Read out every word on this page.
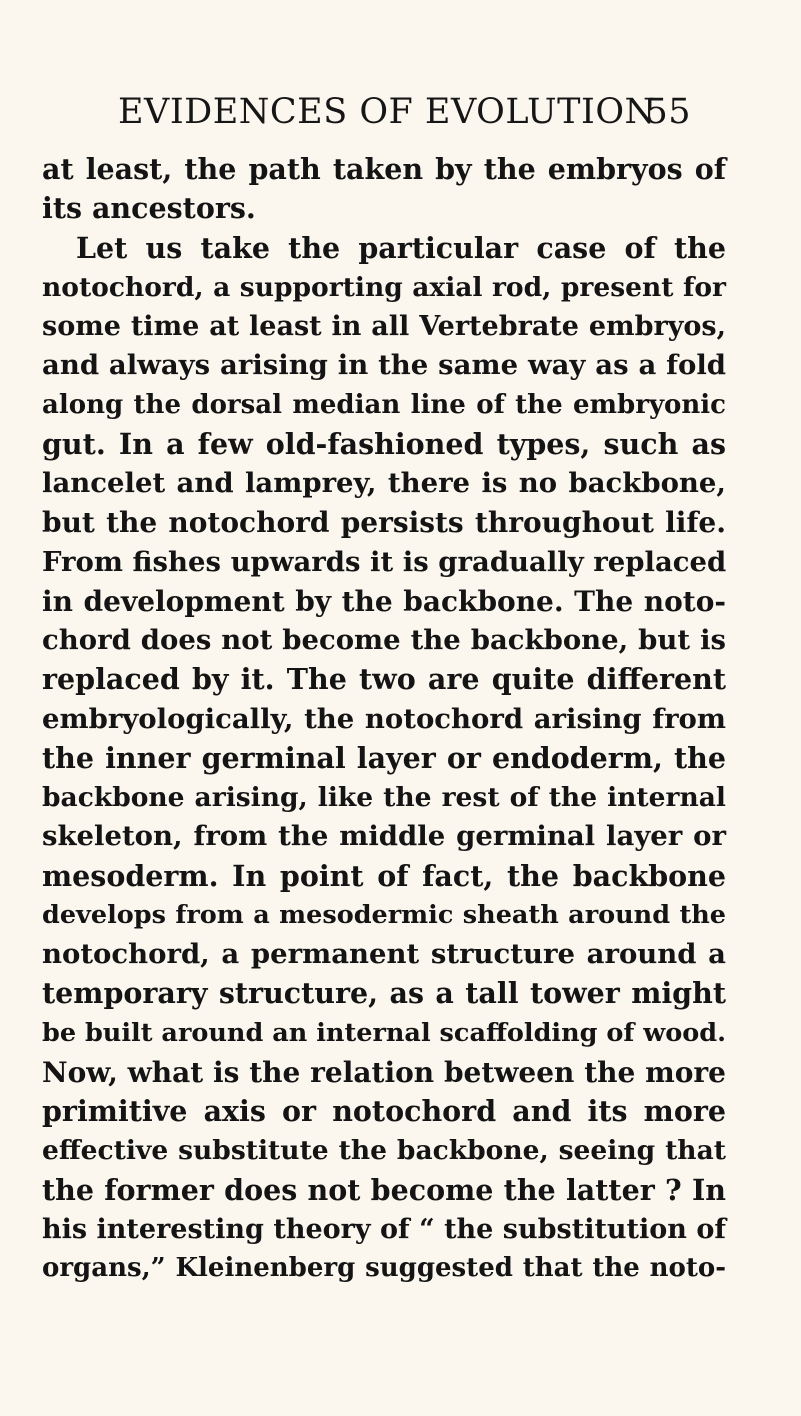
EVIDENCES OF EVOLUTION
55
at least, the path taken by the embryos of
its ancestors.
Let us take the particular case of the
notochord, a supporting axial rod, present for
some time at least in all Vertebrate embryos,
and always arising in the same way as a fold
along the dorsal median line of the embryonic
gut. In a few old-fashioned types, such as
lancelet and lamprey, there is no backbone,
but the notochord persists throughout life.
From fishes upwards it is gradually replaced
in development by the backbone. The noto-
chord does not become the backbone, but is
replaced by it. The two are quite different
embryologically, the notochord arising from
the inner germinal layer or endoderm, the
backbone arising, like the rest of the internal
skeleton, from the middle germinal layer or
mesoderm. In point of fact, the backbone
develops from a mesodermic sheath around the
notochord, a permanent structure around a
temporary structure, as a tall tower might
be built around an internal scaffolding of wood.
Now, what is the relation between the more
primitive axis or notochord and its more
effective substitute the backbone, seeing that
the former does not become the latter ? In
his interesting theory of “ the substitution of
organs,” Kleinenberg suggested that the noto-
